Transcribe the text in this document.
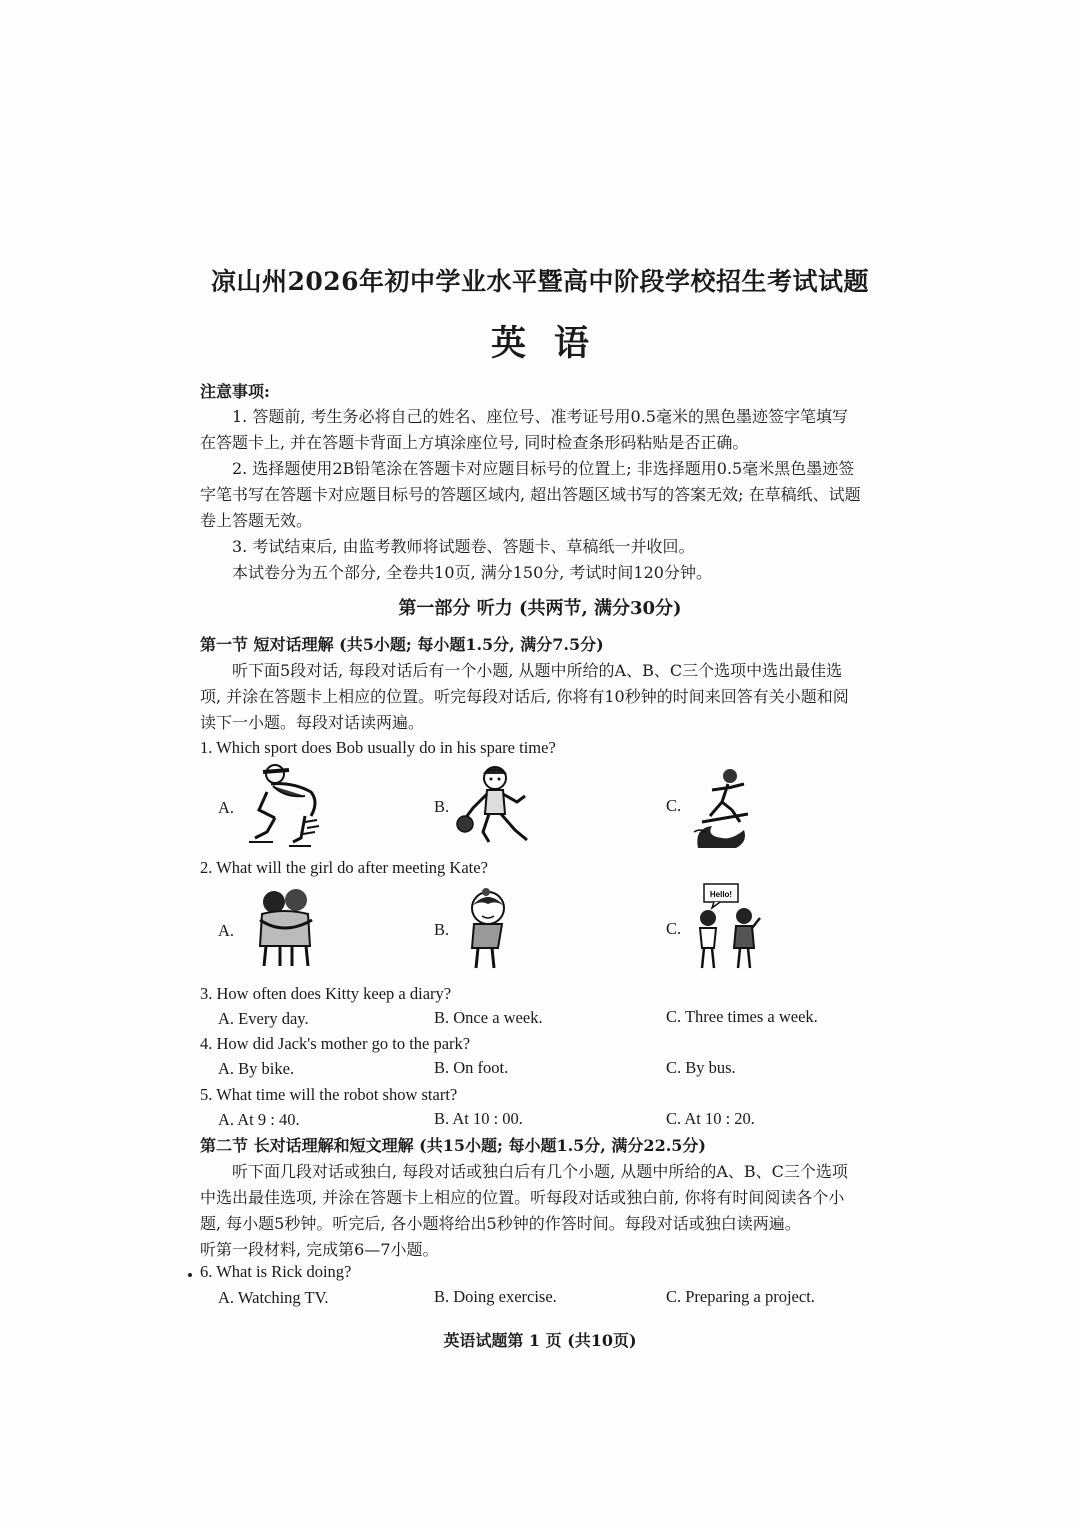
凉山州2026年初中学业水平暨高中阶段学校招生考试试题
英语
注意事项:
1. 答题前, 考生务必将自己的姓名、座位号、准考证号用0.5毫米的黑色墨迹签字笔填写
在答题卡上, 并在答题卡背面上方填涂座位号, 同时检查条形码粘贴是否正确。
2. 选择题使用2B铅笔涂在答题卡对应题目标号的位置上; 非选择题用0.5毫米黑色墨迹签
字笔书写在答题卡对应题目标号的答题区域内, 超出答题区域书写的答案无效; 在草稿纸、试题
卷上答题无效。
3. 考试结束后, 由监考教师将试题卷、答题卡、草稿纸一并收回。
本试卷分为五个部分, 全卷共10页, 满分150分, 考试时间120分钟。
第一部分 听力 (共两节, 满分30分)
第一节 短对话理解 (共5小题; 每小题1.5分, 满分7.5分)
听下面5段对话, 每段对话后有一个小题, 从题中所给的A、B、C三个选项中选出最佳选
项, 并涂在答题卡上相应的位置。听完每段对话后, 你将有10秒钟的时间来回答有关小题和阅
读下一小题。每段对话读两遍。
1. Which sport does Bob usually do in his spare time?
A.	B.	C.
2. What will the girl do after meeting Kate?
A.	B.	C.
Hello!
3. How often does Kitty keep a diary?
A. Every day.	B. Once a week.	C. Three times a week.
4. How did Jack's mother go to the park?
A. By bike.	B. On foot.	C. By bus.
5. What time will the robot show start?
A. At 9 : 40.	B. At 10 : 00.	C. At 10 : 20.
第二节 长对话理解和短文理解 (共15小题; 每小题1.5分, 满分22.5分)
听下面几段对话或独白, 每段对话或独白后有几个小题, 从题中所给的A、B、C三个选项
中选出最佳选项, 并涂在答题卡上相应的位置。听每段对话或独白前, 你将有时间阅读各个小
题, 每小题5秒钟。听完后, 各小题将给出5秒钟的作答时间。每段对话或独白读两遍。
听第一段材料, 完成第6—7小题。
6. What is Rick doing?
A. Watching TV.	B. Doing exercise.	C. Preparing a project.
英语试题第 1 页 (共10页)
